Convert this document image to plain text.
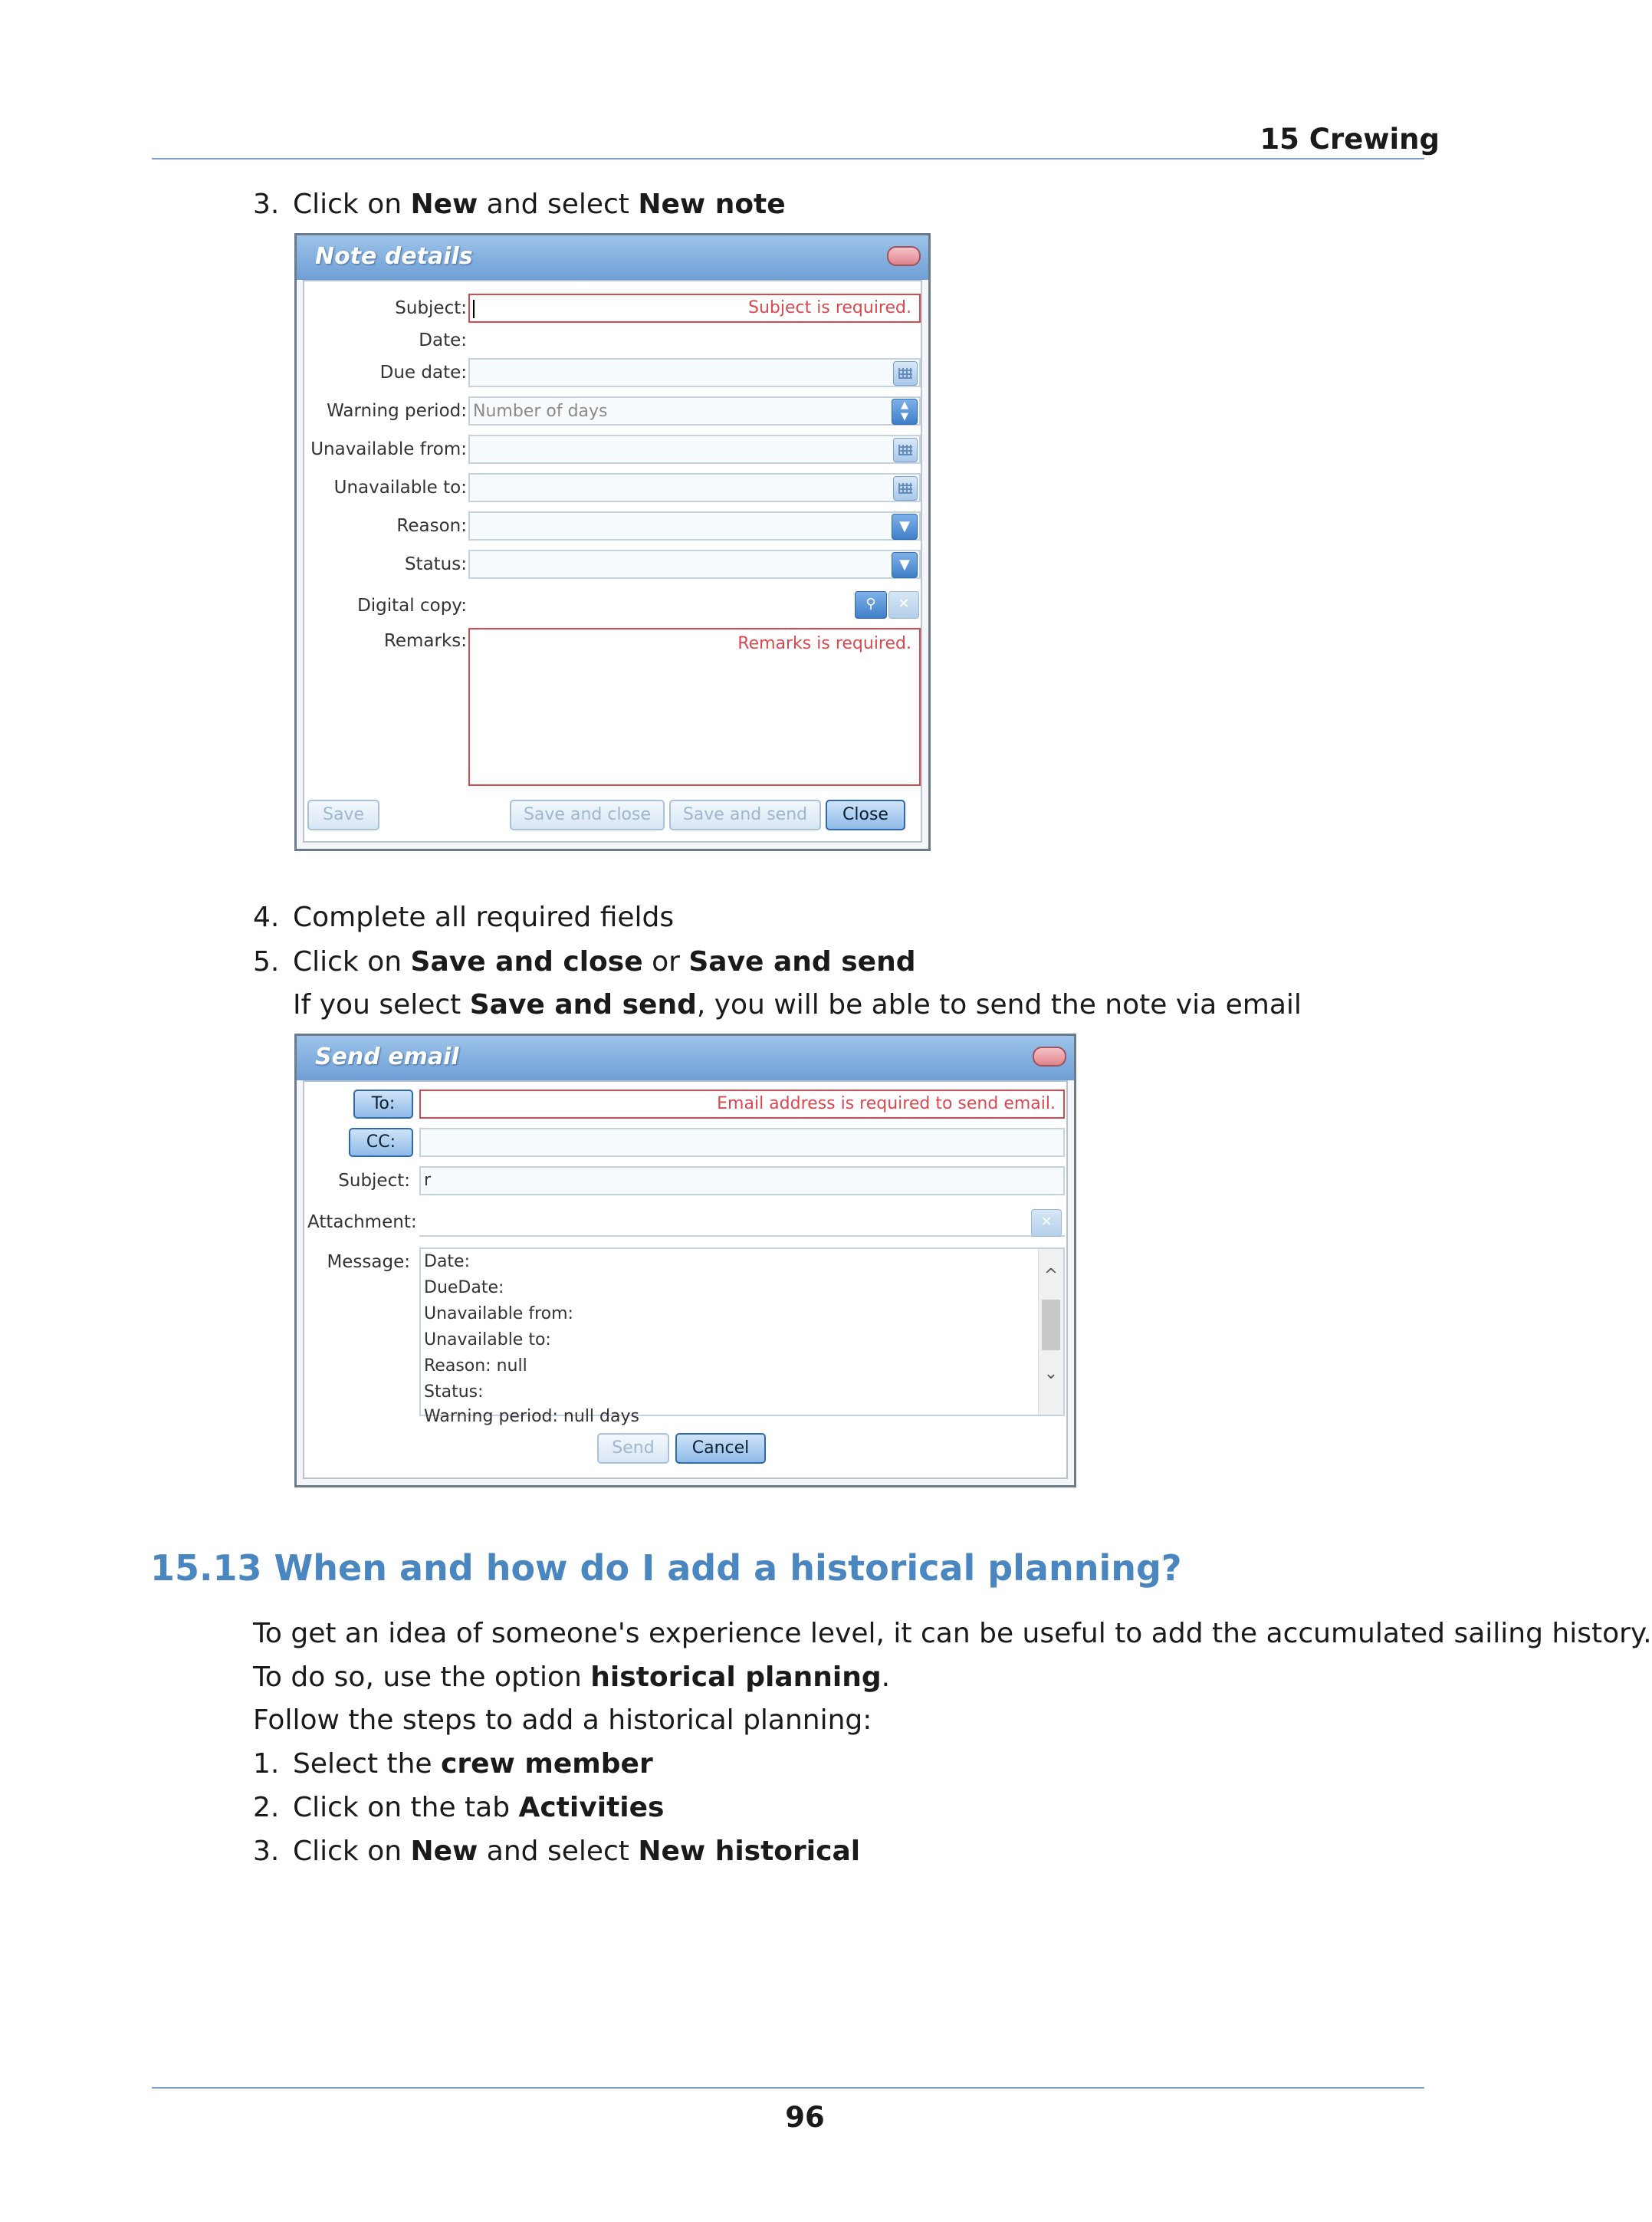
15 Crewing
3. Click on New and select New note
Note details
Subject:	Subject is required.
Date:
Due date:
Warning period: Number of days	▲
▼
Unavailable from:
Unavailable to:
Reason:	▼
Status:	▼
Digital copy:	⚲	✕
Remarks:	Remarks is required.
Save	Save and close	Save and send	Close
4. Complete all required fields
5. Click on Save and close or Save and send
If you select Save and send, you will be able to send the note via email
Send email
To:	Email address is required to send email.
CC:
Subject: r
Attachment:	✕
Message: Date:
DueDate:
Unavailable from:
Unavailable to:
Reason: null
Status:
Warning period: null days
^
⌄
Send	Cancel
15.13 When and how do I add a historical planning?
To get an idea of someone's experience level, it can be useful to add the accumulated sailing history.
To do so, use the option historical planning.
Follow the steps to add a historical planning:
1. Select the crew member
2. Click on the tab Activities
3. Click on New and select New historical
96
